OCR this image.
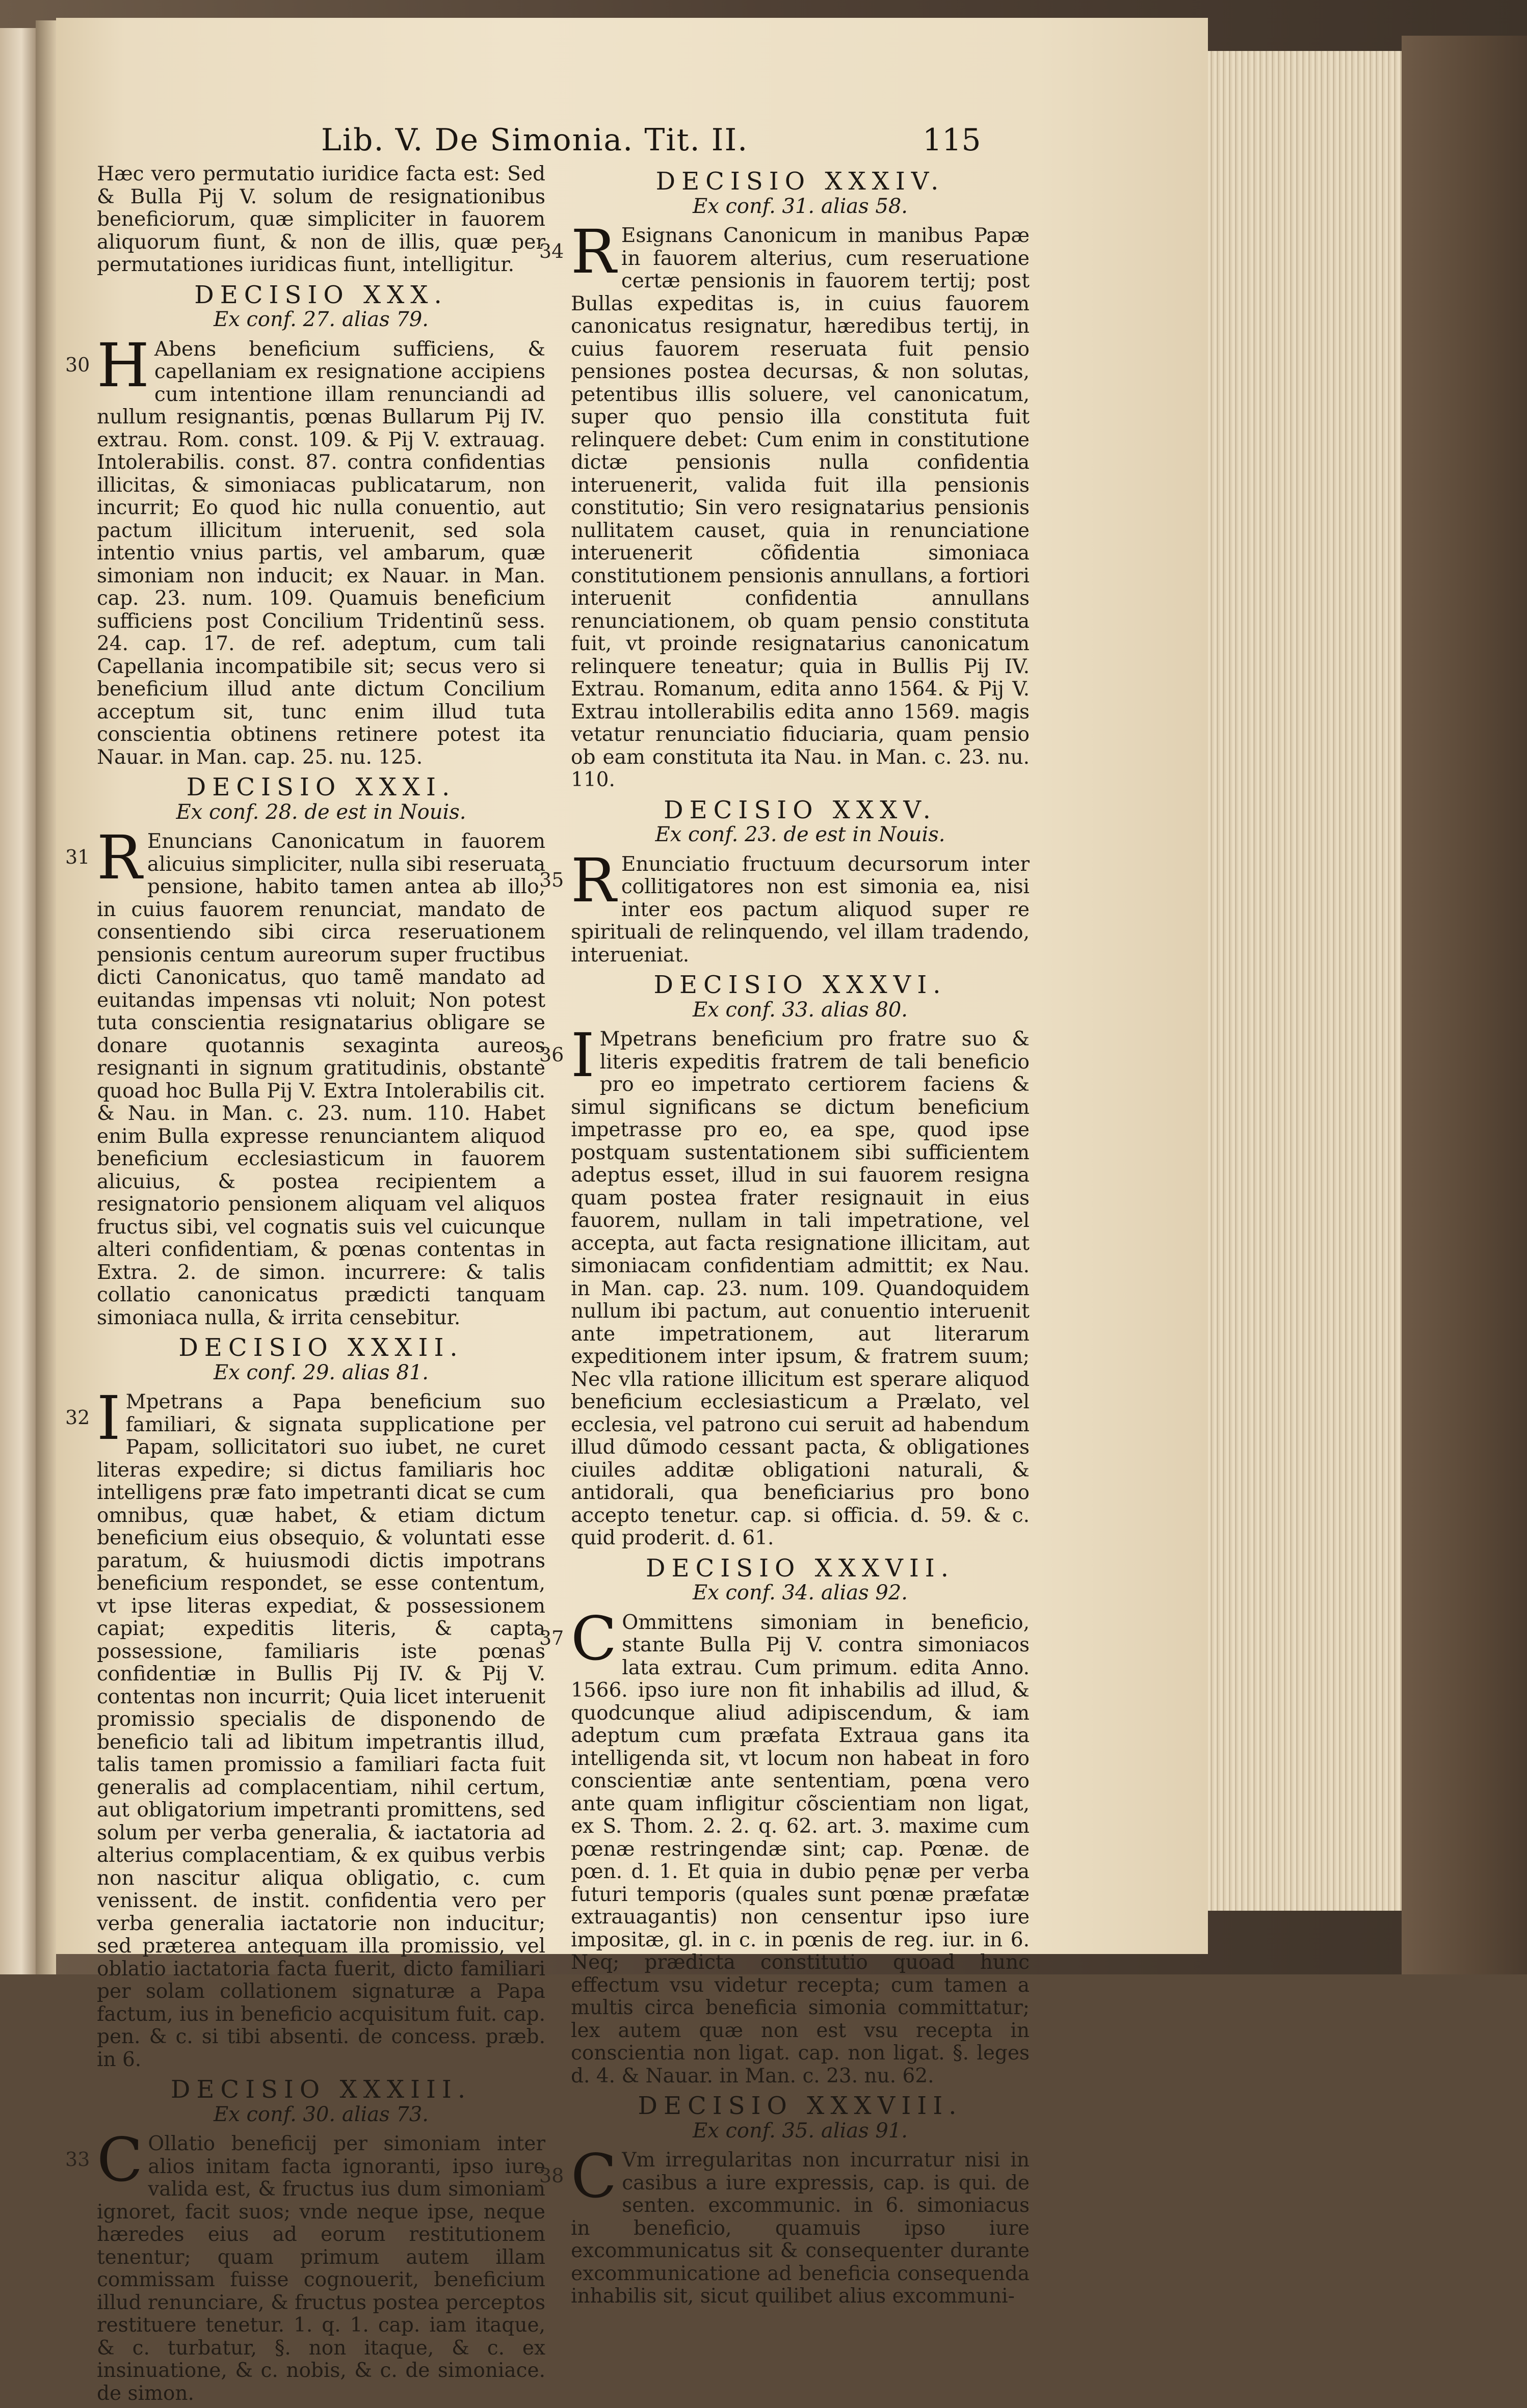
Lib. V. De Simonia. Tit. II.	115
Hæc vero permutatio iuridice facta est: Sed & Bulla Pij V. solum de resignationibus beneficiorum, quæ simpliciter in fauorem aliquorum fiunt, & non de illis, quæ per permutationes iuridicas fiunt, intelligitur.
DECISIO XXX.
Ex conf. 27. alias 79.
30 H Abens beneficium sufficiens, & capellaniam ex resignatione accipiens cum intentione illam renunciandi ad nullum resignantis, pœnas Bullarum Pij IV. extrau. Rom. const. 109. & Pij V. extrauag. Intolerabilis. const. 87. contra confidentias illicitas, & simoniacas publicatarum, non incurrit; Eo quod hic nulla conuentio, aut pactum illicitum interuenit, sed sola intentio vnius partis, vel ambarum, quæ simoniam non inducit; ex Nauar. in Man. cap. 23. num. 109. Quamuis beneficium sufficiens post Concilium Tridentinũ sess. 24. cap. 17. de ref. adeptum, cum tali Capellania incompatibile sit; secus vero si beneficium illud ante dictum Concilium acceptum sit, tunc enim illud tuta conscientia obtinens retinere potest ita Nauar. in Man. cap. 25. nu. 125.
DECISIO XXXI.
Ex conf. 28. de est in Nouis.
31 R Enuncians Canonicatum in fauorem alicuius simpliciter, nulla sibi reseruata pensione, habito tamen antea ab illo, in cuius fauorem renunciat, mandato de consentiendo sibi circa reseruationem pensionis centum aureorum super fructibus dicti Canonicatus, quo tamẽ mandato ad euitandas impensas vti noluit; Non potest tuta conscientia resignatarius obligare se donare quotannis sexaginta aureos resignanti in signum gratitudinis, obstante quoad hoc Bulla Pij V. Extra Intolerabilis cit. & Nau. in Man. c. 23. num. 110. Habet enim Bulla expresse renunciantem aliquod beneficium ecclesiasticum in fauorem alicuius, & postea recipientem a resignatorio pensionem aliquam vel aliquos fructus sibi, vel cognatis suis vel cuicunque alteri confidentiam, & pœnas contentas in Extra. 2. de simon. incurrere: & talis collatio canonicatus prædicti tanquam simoniaca nulla, & irrita censebitur.
DECISIO XXXII.
Ex conf. 29. alias 81.
32 I Mpetrans a Papa beneficium suo familiari, & signata supplicatione per Papam, sollicitatori suo iubet, ne curet literas expedire; si dictus familiaris hoc intelligens præ fato impetranti dicat se cum omnibus, quæ habet, & etiam dictum beneficium eius obsequio, & voluntati esse paratum, & huiusmodi dictis impotrans beneficium respondet, se esse contentum, vt ipse literas expediat, & possessionem capiat; expeditis literis, & capta possessione, familiaris iste pœnas confidentiæ in Bullis Pij IV. & Pij V. contentas non incurrit; Quia licet interuenit promissio specialis de disponendo de beneficio tali ad libitum impetrantis illud, talis tamen promissio a familiari facta fuit generalis ad complacentiam, nihil certum, aut obligatorium impetranti promittens, sed solum per verba generalia, & iactatoria ad alterius complacentiam, & ex quibus verbis non nascitur aliqua obligatio, c. cum venissent. de instit. confidentia vero per verba generalia iactatorie non inducitur; sed præterea antequam illa promissio, vel oblatio iactatoria facta fuerit, dicto familiari per solam collationem signaturæ a Papa factum, ius in beneficio acquisitum fuit. cap. pen. & c. si tibi absenti. de concess. præb. in 6.
DECISIO XXXIII.
Ex conf. 30. alias 73.
33 C Ollatio beneficij per simoniam inter alios initam facta ignoranti, ipso iure valida est, & fructus ius dum simoniam ignoret, facit suos; vnde neque ipse, neque hæredes eius ad eorum restitutionem tenentur; quam primum autem illam commissam fuisse cognouerit, beneficium illud renunciare, & fructus postea perceptos restituere tenetur. 1. q. 1. cap. iam itaque, & c. turbatur, §. non itaque, & c. ex insinuatione, & c. nobis, & c. de simoniace. de simon.
DECISIO XXXIV.
Ex conf. 31. alias 58.
34 R Esignans Canonicum in manibus Papæ in fauorem alterius, cum reseruatione certæ pensionis in fauorem tertij; post Bullas expeditas is, in cuius fauorem canonicatus resignatur, hæredibus tertij, in cuius fauorem reseruata fuit pensio pensiones postea decursas, & non solutas, petentibus illis soluere, vel canonicatum, super quo pensio illa constituta fuit relinquere debet: Cum enim in constitutione dictæ pensionis nulla confidentia interuenerit, valida fuit illa pensionis constitutio; Sin vero resignatarius pensionis nullitatem causet, quia in renunciatione interuenerit cõfidentia simoniaca constitutionem pensionis annullans, a fortiori interuenit confidentia annullans renunciationem, ob quam pensio constituta fuit, vt proinde resignatarius canonicatum relinquere teneatur; quia in Bullis Pij IV. Extrau. Romanum, edita anno 1564. & Pij V. Extrau intollerabilis edita anno 1569. magis vetatur renunciatio fiduciaria, quam pensio ob eam constituta ita Nau. in Man. c. 23. nu. 110.
DECISIO XXXV.
Ex conf. 23. de est in Nouis.
35 R Enunciatio fructuum decursorum inter collitigatores non est simonia ea, nisi inter eos pactum aliquod super re spirituali de relinquendo, vel illam tradendo, interueniat.
DECISIO XXXVI.
Ex conf. 33. alias 80.
36 I Mpetrans beneficium pro fratre suo & literis expeditis fratrem de tali beneficio pro eo impetrato certiorem faciens & simul significans se dictum beneficium impetrasse pro eo, ea spe, quod ipse postquam sustentationem sibi sufficientem adeptus esset, illud in sui fauorem resigna quam postea frater resignauit in eius fauorem, nullam in tali impetratione, vel accepta, aut facta resignatione illicitam, aut simoniacam confidentiam admittit; ex Nau. in Man. cap. 23. num. 109. Quandoquidem nullum ibi pactum, aut conuentio interuenit ante impetrationem, aut literarum expeditionem inter ipsum, & fratrem suum; Nec vlla ratione illicitum est sperare aliquod beneficium ecclesiasticum a Prælato, vel ecclesia, vel patrono cui seruit ad habendum illud dũmodo cessant pacta, & obligationes ciuiles additæ obligationi naturali, & antidorali, qua beneficiarius pro bono accepto tenetur. cap. si officia. d. 59. & c. quid proderit. d. 61.
DECISIO XXXVII.
Ex conf. 34. alias 92.
37 C Ommittens simoniam in beneficio, stante Bulla Pij V. contra simoniacos lata extrau. Cum primum. edita Anno. 1566. ipso iure non fit inhabilis ad illud, & quodcunque aliud adipiscendum, & iam adeptum cum præfata Extraua gans ita intelligenda sit, vt locum non habeat in foro conscientiæ ante sententiam, pœna vero ante quam infligitur cõscientiam non ligat, ex S. Thom. 2. 2. q. 62. art. 3. maxime cum pœnæ restringendæ sint; cap. Pœnæ. de pœn. d. 1. Et quia in dubio pęnæ per verba futuri temporis (quales sunt pœnæ præfatæ extrauagantis) non censentur ipso iure impositæ, gl. in c. in pœnis de reg. iur. in 6. Neq; prædicta constitutio quoad hunc effectum vsu videtur recepta; cum tamen a multis circa beneficia simonia committatur; lex autem quæ non est vsu recepta in conscientia non ligat. cap. non ligat. §. leges d. 4. & Nauar. in Man. c. 23. nu. 62.
DECISIO XXXVIII.
Ex conf. 35. alias 91.
38 C Vm irregularitas non incurratur nisi in casibus a iure expressis, cap. is qui. de senten. excommunic. in 6. simoniacus in beneficio, quamuis ipso iure excommunicatus sit & consequenter durante excommunicatione ad beneficia consequenda inhabilis sit, sicut quilibet alius excommuni-
